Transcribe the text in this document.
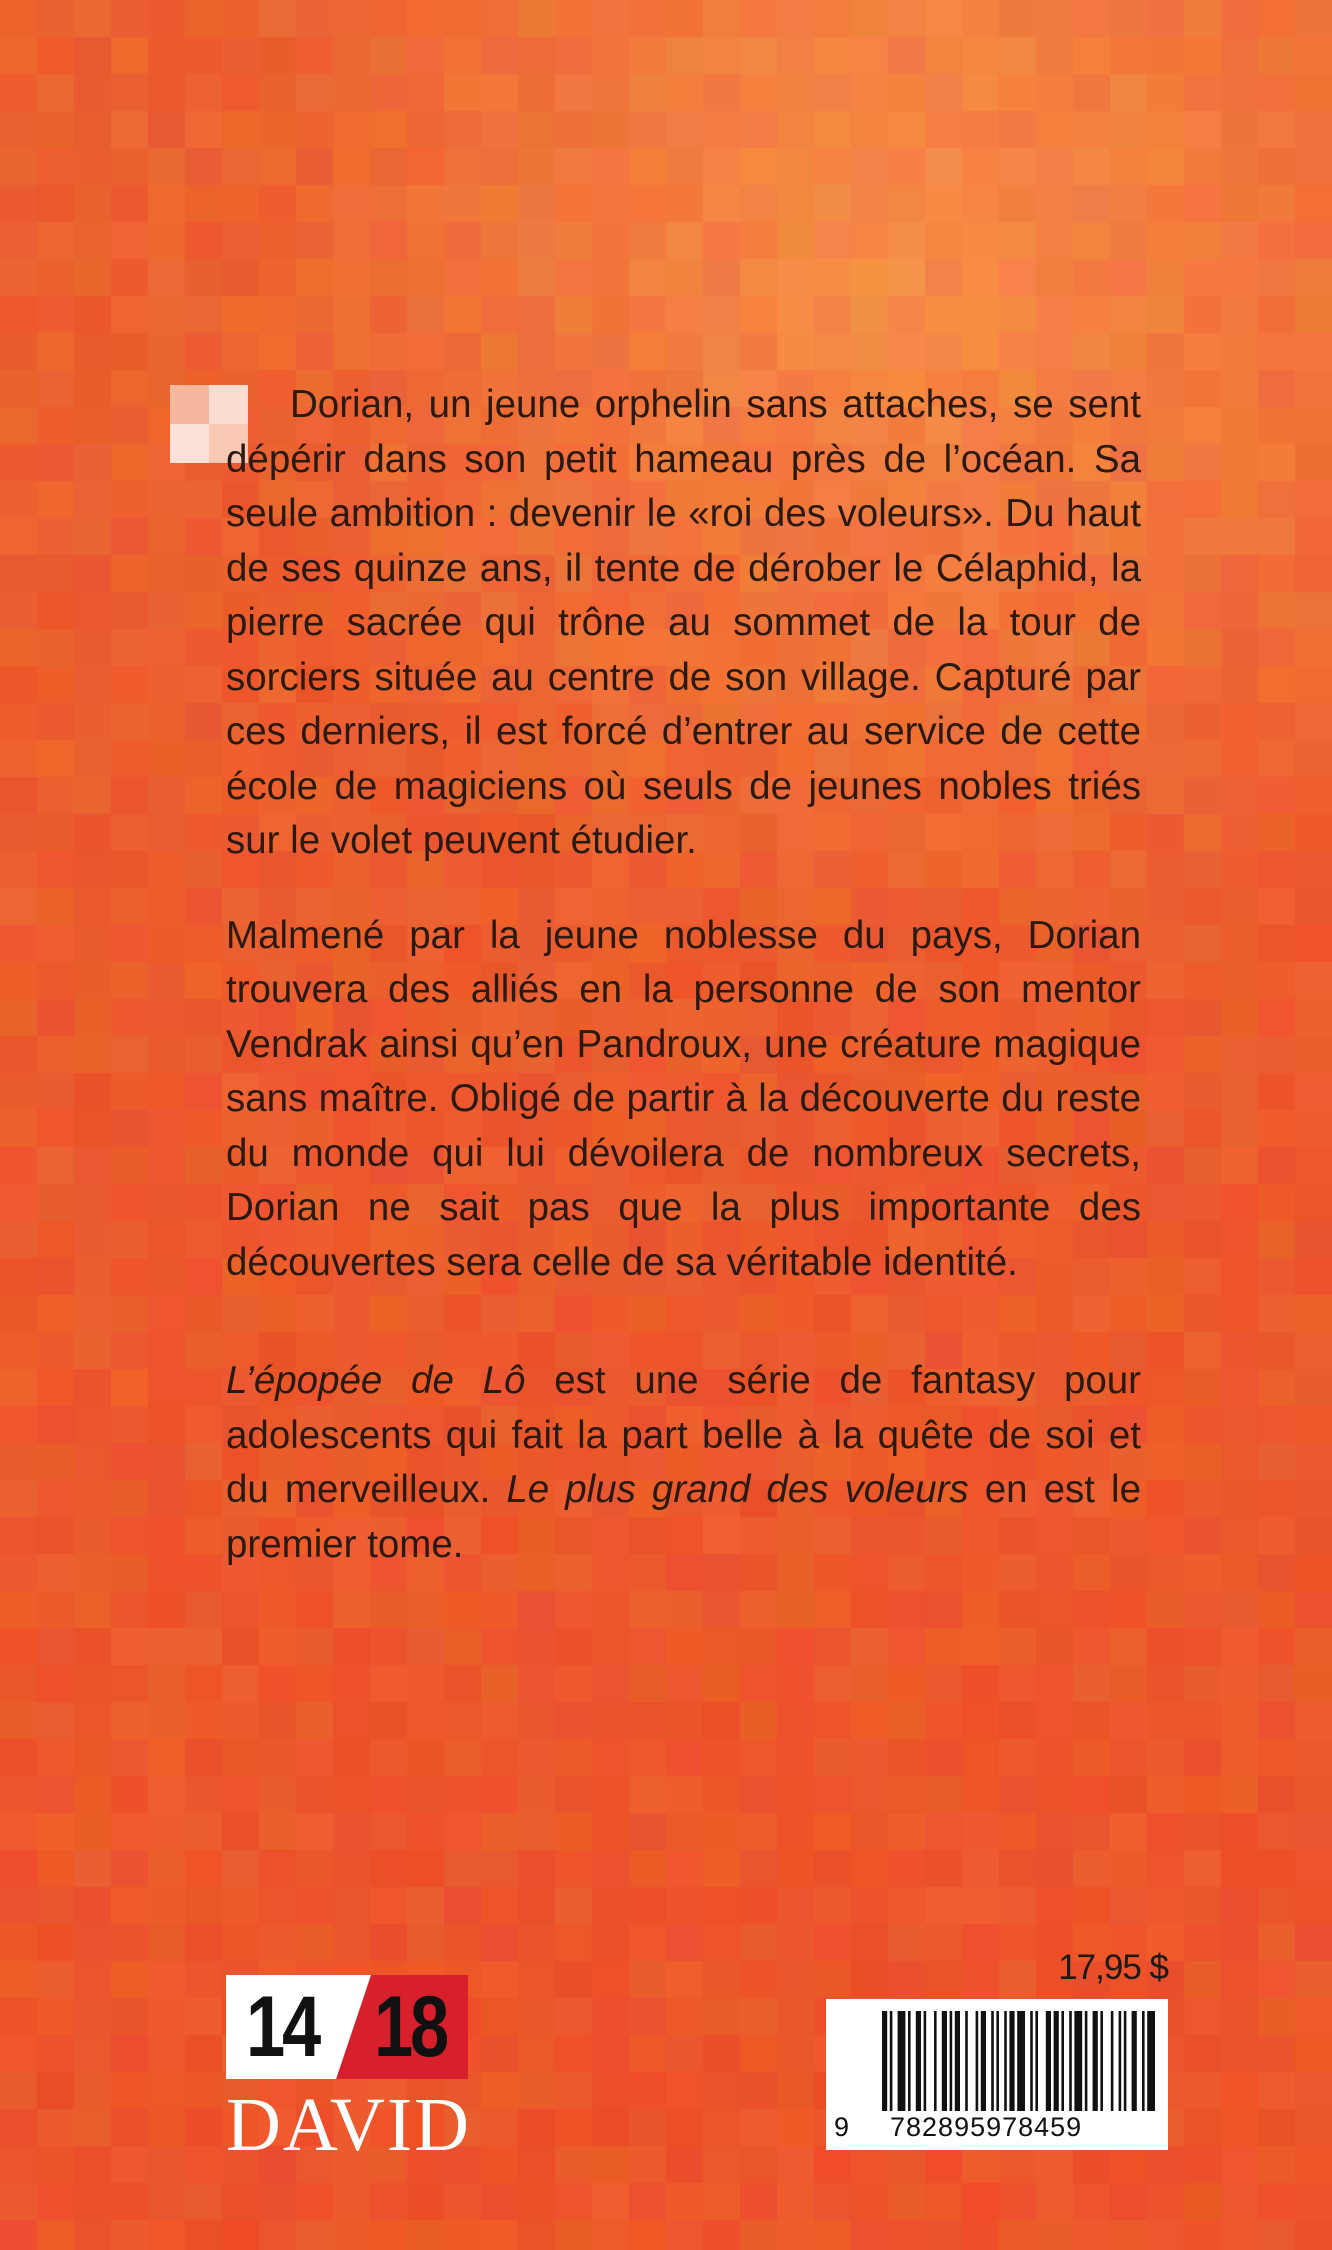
Dorian, un jeune orphelin sans attaches, se sent dépérir dans son petit hameau près de l’océan. Sa seule ambition : devenir le «roi des voleurs». Du haut de ses quinze ans, il tente de dérober le Célaphid, la pierre sacrée qui trône au sommet de la tour de sorciers située au centre de son village. Capturé par ces derniers, il est forcé d’entrer au service de cette école de magiciens où seuls de jeunes nobles triés sur le volet peuvent étudier.

Malmené par la jeune noblesse du pays, Dorian trouvera des alliés en la personne de son mentor Vendrak ainsi qu’en Pandroux, une créature magique sans maître. Obligé de partir à la découverte du reste du monde qui lui dévoilera de nombreux secrets, Dorian ne sait pas que la plus importante des découvertes sera celle de sa véritable identité.

L’épopée de Lô est une série de fantasy pour adolescents qui fait la part belle à la quête de soi et du merveilleux. Le plus grand des voleurs en est le premier tome.

14 18
DAVID
17,95 $
9 782895978459
